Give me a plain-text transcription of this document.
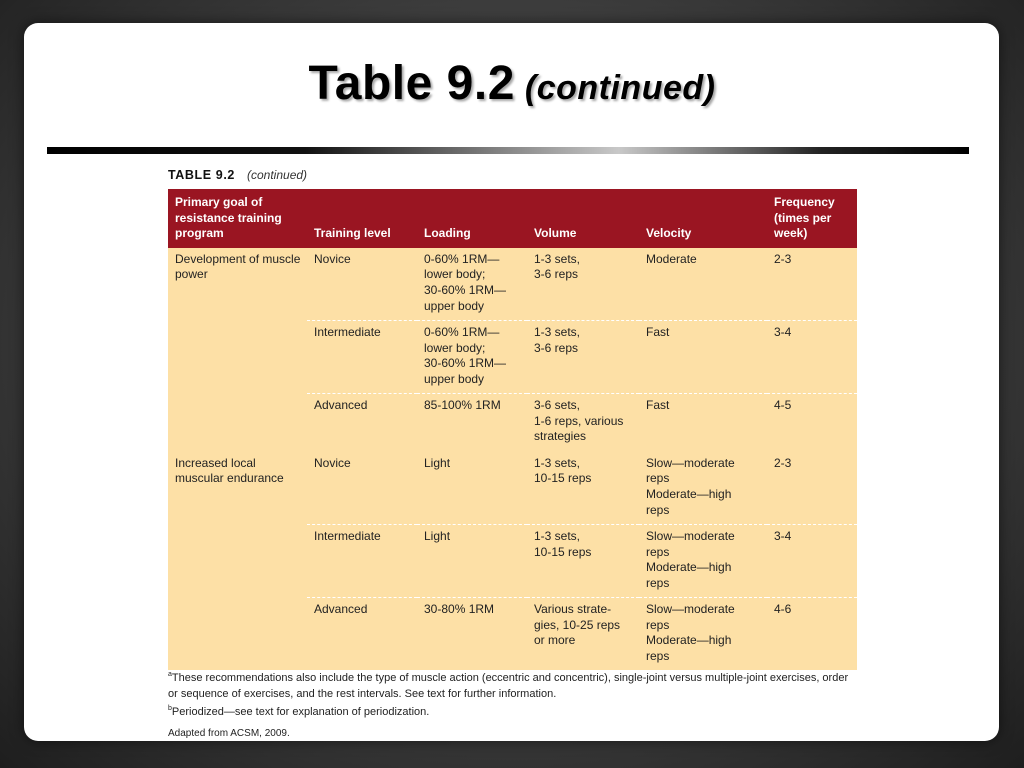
Table 9.2 (continued)
TABLE 9.2 (continued)
Primary goal of resistance training program	Training level	Loading	Volume	Velocity	Frequency (times per week)
Development of muscle power	Novice	0-60% 1RM—
lower body;
30-60% 1RM—
upper body	1-3 sets,
3-6 reps	Moderate	2-3
	Intermediate	0-60% 1RM—
lower body;
30-60% 1RM—
upper body	1-3 sets,
3-6 reps	Fast	3-4
	Advanced	85-100% 1RM	3-6 sets,
1-6 reps, various
strategies	Fast	4-5
Increased local muscular endurance	Novice	Light	1-3 sets,
10-15 reps	Slow—moderate
reps
Moderate—high
reps	2-3
	Intermediate	Light	1-3 sets,
10-15 reps	Slow—moderate
reps
Moderate—high
reps	3-4
	Advanced	30-80% 1RM	Various strate-
gies, 10-25 reps
or more	Slow—moderate
reps
Moderate—high
reps	4-6

$^a$These recommendations also include the type of muscle action (eccentric and concentric), single-joint versus multiple-joint exercises, order or sequence of exercises, and the rest intervals. See text for further information.

$^b$Periodized—see text for explanation of periodization.

Adapted from ACSM, 2009.
